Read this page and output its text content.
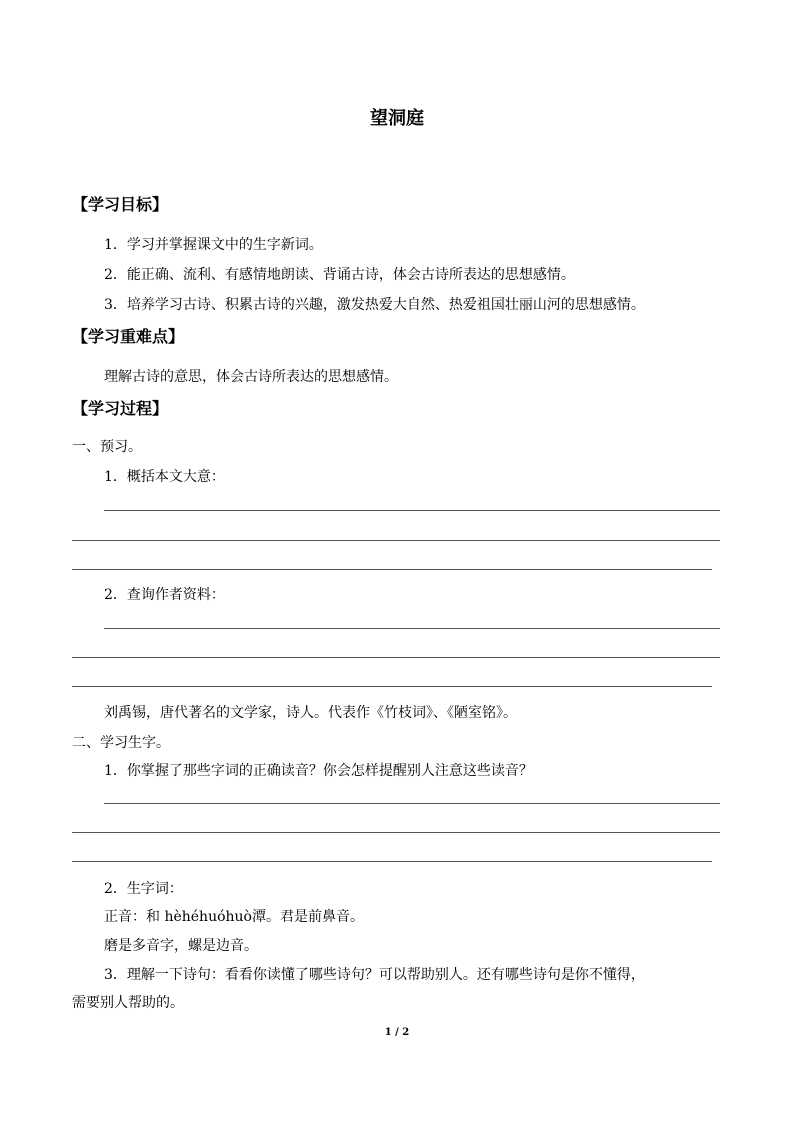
望洞庭
【学习目标】
1．学习并掌握课文中的生字新词。
2．能正确、流利、有感情地朗读、背诵古诗，体会古诗所表达的思想感情。
3．培养学习古诗、积累古诗的兴趣，激发热爱大自然、热爱祖国壮丽山河的思想感情。
【学习重难点】
理解古诗的意思，体会古诗所表达的思想感情。
【学习过程】
一、预习。
1．概括本文大意：
2．查询作者资料：
刘禹锡，唐代著名的文学家，诗人。代表作《竹枝词》、《陋室铭》。
二、学习生字。
1．你掌握了那些字词的正确读音？你会怎样提醒别人注意这些读音？
2．生字词：
正音：和 hèhéhuóhuò潭。君是前鼻音。
磨是多音字，螺是边音。
3．理解一下诗句：看看你读懂了哪些诗句？可以帮助别人。还有哪些诗句是你不懂得，
需要别人帮助的。
1 / 2
